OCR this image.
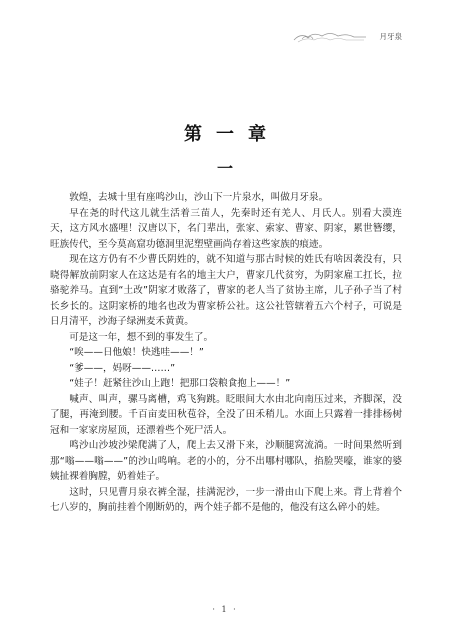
月牙泉
第一章
一

敦煌，去城十里有座鸣沙山，沙山下一片泉水，叫做月牙泉。

早在尧的时代这儿就生活着三苗人，先秦时还有羌人、月氏人。别看大漠连天，这方风水盛哩！汉唐以下，名门辈出，张家、索家、曹家、阴家，累世簪缨，旺族传代，至今莫高窟功德洞里泥塑壁画尚存着这些家族的痕迹。

现在这方仍有不少曹氏阴姓的，就不知道与那古时候的姓氏有啥因袭没有，只晓得解放前阴家人在这达是有名的地主大户，曹家几代贫穷，为阴家雇工扛长，拉骆驼养马。直到“土改”阴家才败落了，曹家的老人当了贫协主席，儿子孙子当了村长乡长的。这阴家桥的地名也改为曹家桥公社。这公社管辖着五六个村子，可说是日月清平，沙海子绿洲麦禾黄黄。

可是这一年，想不到的事发生了。

“唉——日他娘！快逃哇——！”

“爹——，妈呀——……”

“娃子！赶紧往沙山上跑！把那口袋粮食抱上——！”

喊声、叫声，骡马离槽，鸡飞狗跳。眨眼间大水由北向南压过来，齐脚深，没了腿，再淹到腰。千百亩麦田秋苞谷，全没了田禾稍儿。水面上只露着一排排杨树冠和一家家房屋顶，还漂着些个死尸活人。

鸣沙山沙坡沙梁爬满了人，爬上去又滑下来，沙顺腿窝流淌。一时间果然听到那“嗡——嗡——”的沙山鸣响。老的小的，分不出哪村哪队，掐脸哭嚎，谁家的婆姨扯裸着胸膛，奶着娃子。

这时，只见曹月泉衣裤全湿，挂满泥沙，一步一滑由山下爬上来。背上背着个七八岁的，胸前挂着个刚断奶的，两个娃子都不是他的，他没有这么碎小的娃。

· 1 ·
